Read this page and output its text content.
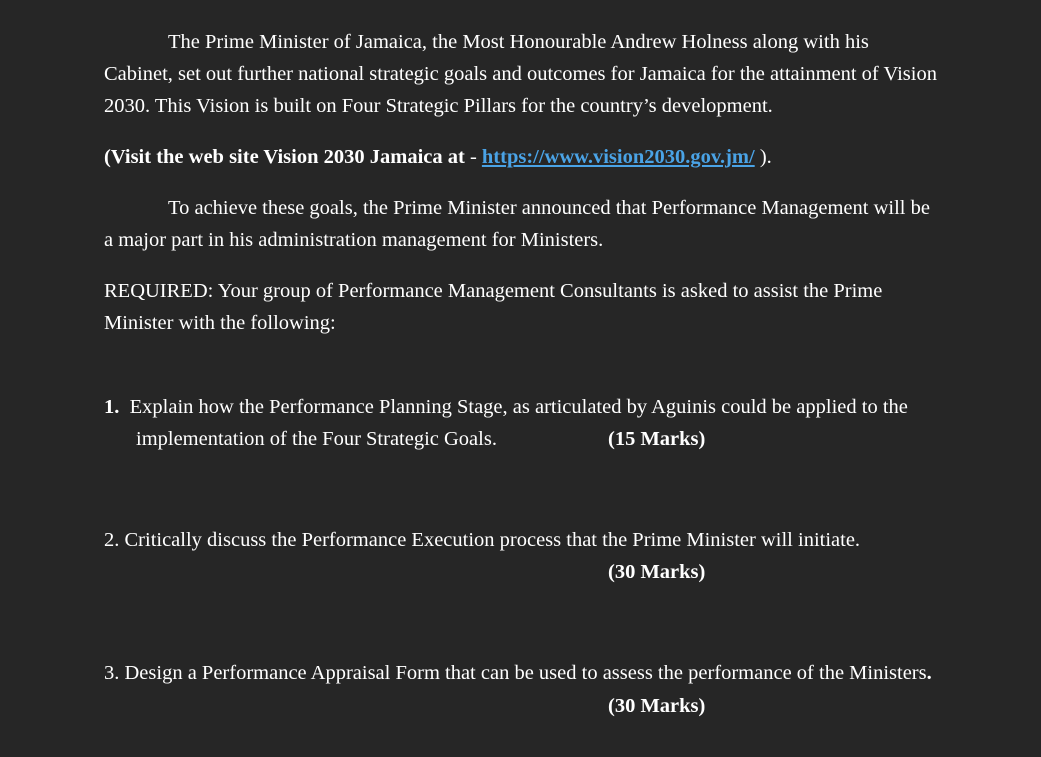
The Prime Minister of Jamaica, the Most Honourable Andrew Holness along with his
Cabinet, set out further national strategic goals and outcomes for Jamaica for the attainment of Vision
2030. This Vision is built on Four Strategic Pillars for the country’s development.
(Visit the web site Vision 2030 Jamaica at - https://www.vision2030.gov.jm/ ).
To achieve these goals, the Prime Minister announced that Performance Management will be
a major part in his administration management for Ministers.
REQUIRED: Your group of Performance Management Consultants is asked to assist the Prime
Minister with the following:
1. Explain how the Performance Planning Stage, as articulated by Aguinis could be applied to the
implementation of the Four Strategic Goals.	(15 Marks)
2. Critically discuss the Performance Execution process that the Prime Minister will initiate.
(30 Marks)
3. Design a Performance Appraisal Form that can be used to assess the performance of the Ministers.
(30 Marks)
